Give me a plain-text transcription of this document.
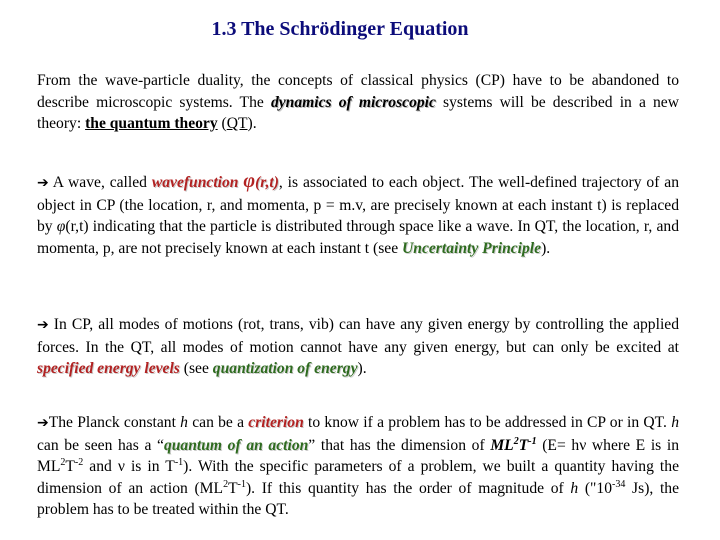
1.3 The Schrödinger Equation
From the wave-particle duality, the concepts of classical physics (CP) have to be abandoned to describe microscopic systems. The dynamics of microscopic systems will be described in a new theory: the quantum theory (QT).
➔ A wave, called wavefunction φ(r,t), is associated to each object. The well-defined trajectory of an object in CP (the location, r, and momenta, p = m.v, are precisely known at each instant t) is replaced by φ(r,t) indicating that the particle is distributed through space like a wave. In QT, the location, r, and momenta, p, are not precisely known at each instant t (see Uncertainty Principle).
➔ In CP, all modes of motions (rot, trans, vib) can have any given energy by controlling the applied forces. In the QT, all modes of motion cannot have any given energy, but can only be excited at specified energy levels (see quantization of energy).
➔The Planck constant h can be a criterion to know if a problem has to be addressed in CP or in QT. h can be seen has a “quantum of an action” that has the dimension of $ML^2T^{-1}$ (E= hν where E is in $ML^2T^{-2}$ and ν is in $T^{-1}$). With the specific parameters of a problem, we built a quantity having the dimension of an action $(ML^2T^{-1})$. If this quantity has the order of magnitude of h ("$10^{-34}$ Js), the problem has to be treated within the QT.
